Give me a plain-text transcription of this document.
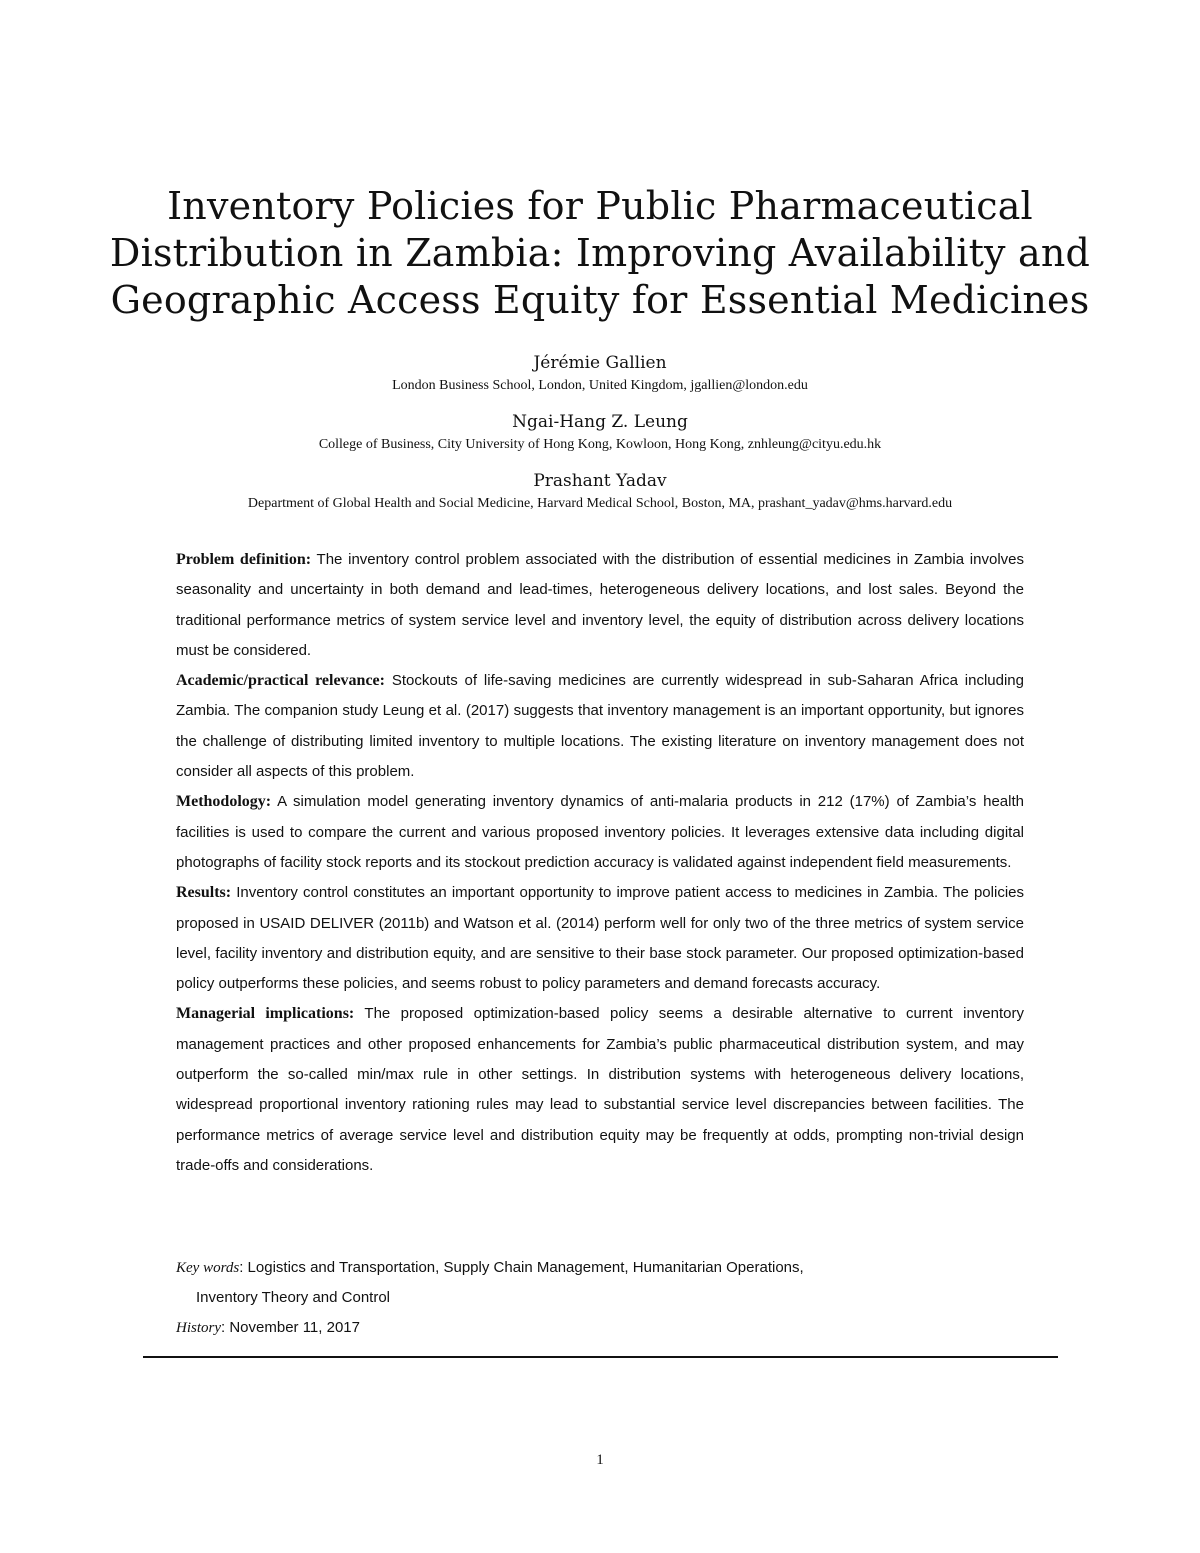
Inventory Policies for Public Pharmaceutical
Distribution in Zambia: Improving Availability and
Geographic Access Equity for Essential Medicines
Jérémie Gallien
London Business School, London, United Kingdom, jgallien@london.edu
Ngai-Hang Z. Leung
College of Business, City University of Hong Kong, Kowloon, Hong Kong, znhleung@cityu.edu.hk
Prashant Yadav
Department of Global Health and Social Medicine, Harvard Medical School, Boston, MA, prashant_yadav@hms.harvard.edu

Problem definition: The inventory control problem associated with the distribution of essential medicines in Zambia involves seasonality and uncertainty in both demand and lead-times, heterogeneous delivery locations, and lost sales. Beyond the traditional performance metrics of system service level and inventory level, the equity of distribution across delivery locations must be considered.

Academic/practical relevance: Stockouts of life-saving medicines are currently widespread in sub-Saharan Africa including Zambia. The companion study Leung et al. (2017) suggests that inventory management is an important opportunity, but ignores the challenge of distributing limited inventory to multiple locations. The existing literature on inventory management does not consider all aspects of this problem.

Methodology: A simulation model generating inventory dynamics of anti-malaria products in 212 (17%) of Zambia’s health facilities is used to compare the current and various proposed inventory policies. It leverages extensive data including digital photographs of facility stock reports and its stockout prediction accuracy is validated against independent field measurements.

Results: Inventory control constitutes an important opportunity to improve patient access to medicines in Zambia. The policies proposed in USAID DELIVER (2011b) and Watson et al. (2014) perform well for only two of the three metrics of system service level, facility inventory and distribution equity, and are sensitive to their base stock parameter. Our proposed optimization-based policy outperforms these policies, and seems robust to policy parameters and demand forecasts accuracy.

Managerial implications: The proposed optimization-based policy seems a desirable alternative to current inventory management practices and other proposed enhancements for Zambia’s public pharmaceutical distribution system, and may outperform the so-called min/max rule in other settings. In distribution systems with heterogeneous delivery locations, widespread proportional inventory rationing rules may lead to substantial service level discrepancies between facilities. The performance metrics of average service level and distribution equity may be frequently at odds, prompting non-trivial design trade-offs and considerations.

Key words: Logistics and Transportation, Supply Chain Management, Humanitarian Operations,

Inventory Theory and Control

History: November 11, 2017

1
